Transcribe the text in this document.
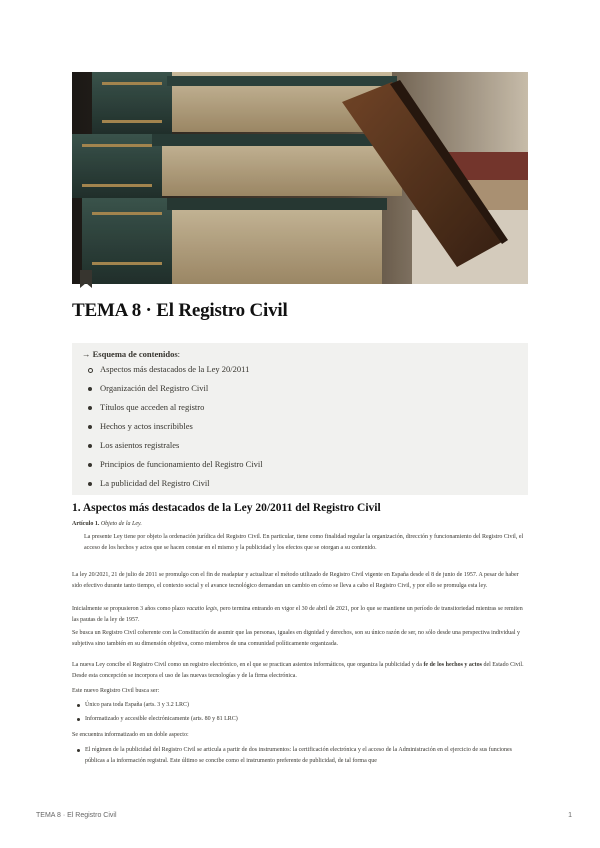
TEMA 8 · El Registro Civil
→ Esquema de contenidos:
Aspectos más destacados de la Ley 20/2011
Organización del Registro Civil
Títulos que acceden al registro
Hechos y actos inscribibles
Los asientos registrales
Principios de funcionamiento del Registro Civil
La publicidad del Registro Civil
1. Aspectos más destacados de la Ley 20/2011 del Registro Civil

Artículo 1. Objeto de la Ley.

La presente Ley tiene por objeto la ordenación jurídica del Registro Civil. En particular, tiene como finalidad regular la organización, dirección y funcionamiento del Registro Civil, el acceso de los hechos y actos que se hacen constar en el mismo y la publicidad y los efectos que se otorgan a su contenido.

La ley 20/2021, 21 de julio de 2011 se promulgo con el fin de readaptar y actualizar el método utilizado de Registro Civil vigente en España desde el 8 de junio de 1957. A pesar de haber sido efectivo durante tanto tiempo, el contexto social y el avance tecnológico demandan un cambio en cómo se lleva a cabo el Registro Civil, y por ello se promulga esta ley.

Inicialmente se propusieron 3 años como plazo vacatio legis, pero termina entrando en vigor el 30 de abril de 2021, por lo que se mantiene un período de transitoriedad mientras se remiten las pautas de la ley de 1957.

Se busca un Registro Civil coherente con la Constitución de asumir que las personas, iguales en dignidad y derechos, son su único razón de ser, no sólo desde una perspectiva individual y subjetiva sino también en su dimensión objetiva, como miembros de una comunidad políticamente organizada.

La nueva Ley concibe el Registro Civil como un registro electrónico, en el que se practican asientos informáticos, que organiza la publicidad y da fe de los hechos y actos del Estado Civil. Desde esta concepción se incorpora el uso de las nuevas tecnologías y de la firma electrónica.

Este nuevo Registro Civil busca ser:

Único para toda España (arts. 3 y 3.2 LRC)
Informatizado y accesible electrónicamente (arts. 80 y 81 LRC)

Se encuentra informatizado en un doble aspecto:

El régimen de la publicidad del Registro Civil se articula a partir de dos instrumentos: la certificación electrónica y el acceso de la Administración en el ejercicio de sus funciones públicas a la información registral. Este último se concibe como el instrumento preferente de publicidad, de tal forma que
TEMA 8 · El Registro Civil	1
